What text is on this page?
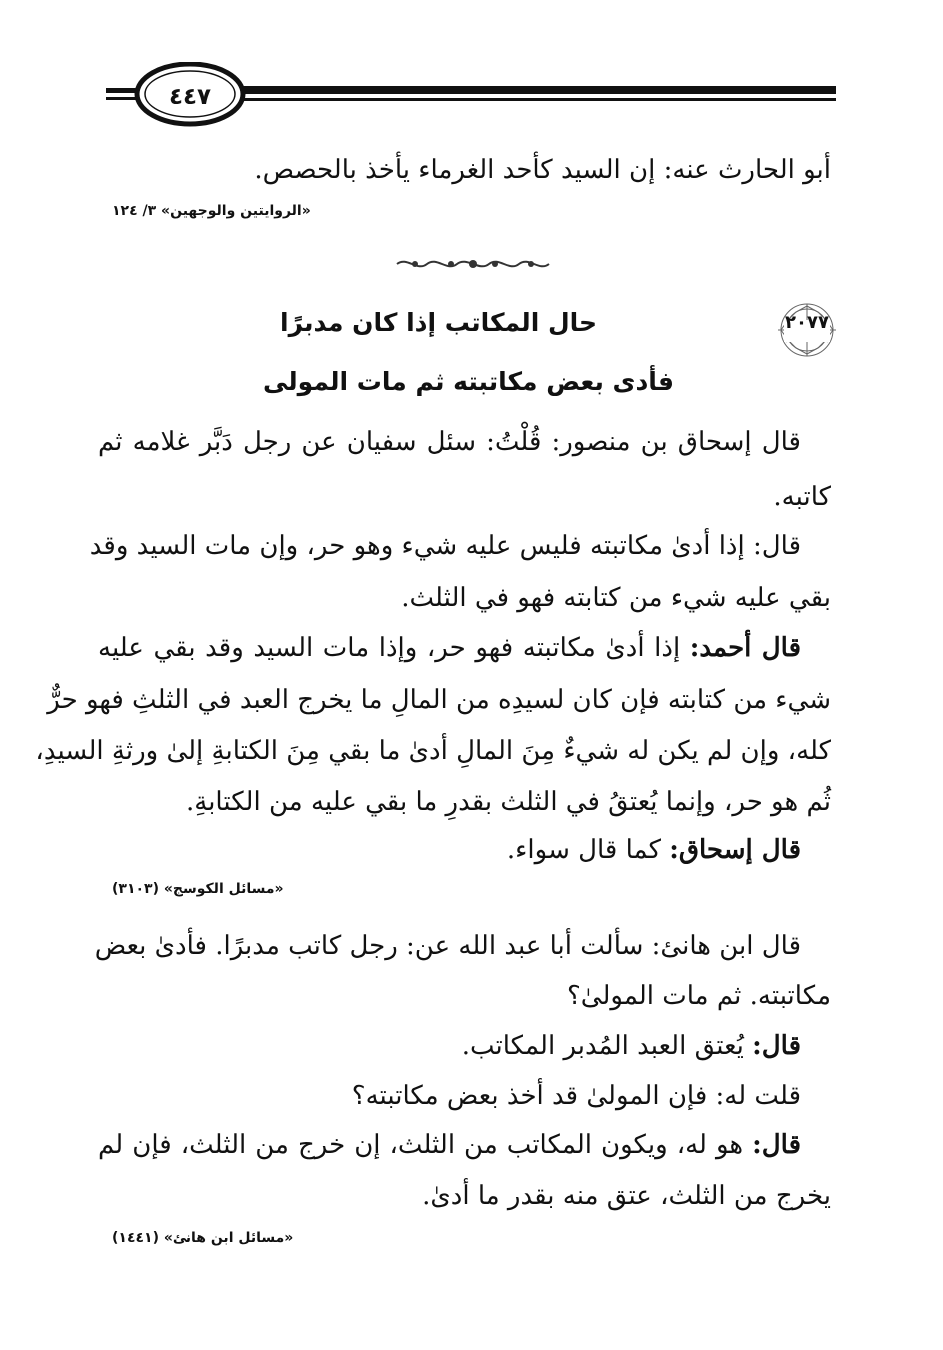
٤٤٧
أبو الحارث عنه: إن السيد كأحد الغرماء يأخذ بالحصص.
«الروايتين والوجهين» ٣/ ١٢٤
٢٠٧٧
حال المكاتب إذا كان مدبرًا
فأدى بعض مكاتبته ثم مات المولى
قال إسحاق بن منصور: قُلْتُ: سئل سفيان عن رجل دَبَّر غلامه ثم
كاتبه.
قال: إذا أدىٰ مكاتبته فليس عليه شيء وهو حر، وإن مات السيد وقد
بقي عليه شيء من كتابته فهو في الثلث.
قال أحمد: إذا أدىٰ مكاتبته فهو حر، وإذا مات السيد وقد بقي عليه
شيء من كتابته فإن كان لسيدِه من المالِ ما يخرج العبد في الثلثِ فهو حرٌّ
كله، وإن لم يكن له شيءٌ مِنَ المالِ أدىٰ ما بقي مِنَ الكتابةِ إلىٰ ورثةِ السيدِ،
ثُم هو حر، وإنما يُعتقُ في الثلث بقدرِ ما بقي عليه من الكتابةِ.
قال إسحاق: كما قال سواء.
«مسائل الكوسج» (٣١٠٣)
قال ابن هانئ: سألت أبا عبد الله عن: رجل كاتب مدبرًا. فأدىٰ بعض
مكاتبته. ثم مات المولىٰ؟
قال: يُعتق العبد المُدبر المكاتب.
قلت له: فإن المولىٰ قد أخذ بعض مكاتبته؟
قال: هو له، ويكون المكاتب من الثلث، إن خرج من الثلث، فإن لم
يخرج من الثلث، عتق منه بقدر ما أدىٰ.
«مسائل ابن هانئ» (١٤٤١)
